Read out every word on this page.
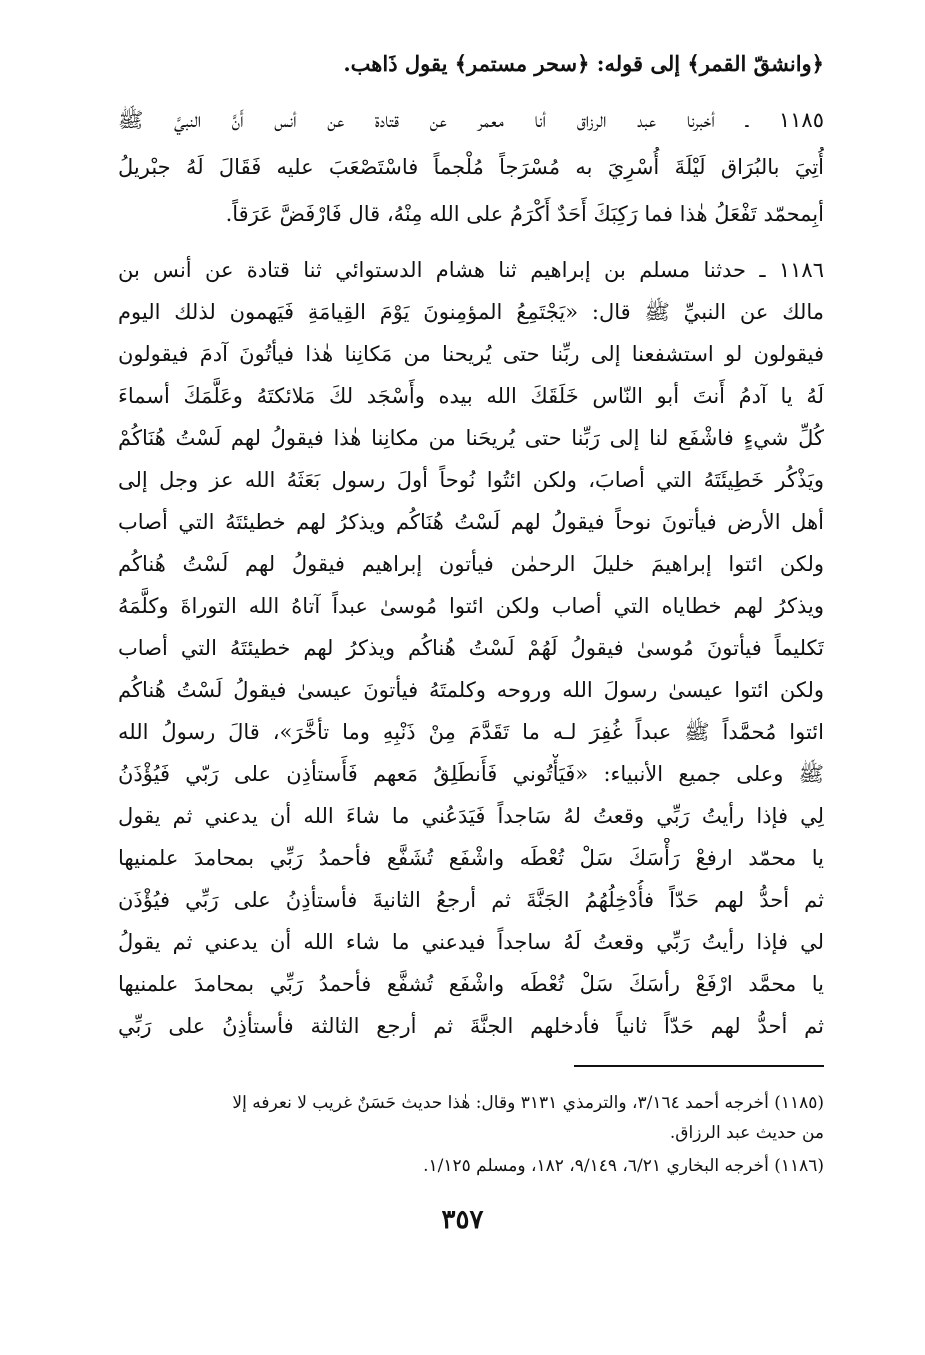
﴿وانشقّ القمر﴾ إلى قوله: ﴿سحر مستمر﴾ يقول ذَاهب.
١١٨٥ ـ أخبرنا عبد الرزاق أنا معمر عن قتادة عن أنس أَنَّ النبيَّ ﷺ
أُتِيَ بالبُرَاق لَيْلَةَ أُسْرِيَ به مُسْرَجاً مُلْجماً فاسْتَصْعَبَ عليه فَقَالَ لَهُ جبْريلُ
أبِمحمّد تَفْعَلُ هٰذا فما رَكِبَكَ أَحَدٌ أَكْرَمُ على الله مِنْهُ، قال فَارْفَضَّ عَرَقاً.
١١٨٦ ـ حدثنا مسلم بن إبراهيم ثنا هشام الدستوائي ثنا قتادة عن أنس بن
مالك عن النبيِّ ﷺ قال: «يَجْتَمِعُ المؤمِنونَ يَوْمَ القِيامَةِ فَيَهمون لذلك اليوم
فيقولون لو استشفعنا إلى ربِّنا حتى يُريحنا من مَكانِنا هٰذا فيأتُونَ آدمَ فيقولون
لَهُ يا آدمُ أَنتَ أبو النّاس خَلَقَكَ الله بيده وأَسْجَد لكَ مَلائكتَهُ وعَلَّمَكَ أسماءَ
كُلِّ شيءٍ فاشْفَع لنا إلى رَبِّنا حتى يُريحَنا من مكانِنا هٰذا فيقولُ لهم لَسْتُ هُنَاكُمْ
ويَذْكُر خَطِيئَتَهُ التي أصابَ، ولكن ائتُوا نُوحاً أولَ رسول بَعَثَهُ الله عز وجل إلى
أهل الأرض فيأتونَ نوحاً فيقولُ لهم لَسْتُ هُنَاكُم ويذكرُ لهم خطيئتَهُ التي أصاب
ولكن ائتوا إبراهيمَ خليلَ الرحمٰن فيأتون إبراهيم فيقولُ لهم لَسْتُ هُناكُم
ويذكرُ لهم خطاياه التي أصاب ولكن ائتوا مُوسىٰ عبداً آتاهُ الله التوراةَ وكلَّمَهُ
تَكليماً فيأتونَ مُوسىٰ فيقولُ لَهُمْ لَسْتُ هُناكُم ويذكرُ لهم خطيئتَهُ التي أصاب
ولكن ائتوا عيسىٰ رسولَ الله وروحه وكلمتَهُ فيأتونَ عيسىٰ فيقولُ لَسْتُ هُناكُم
ائتوا مُحمَّداً ﷺ عبداً غُفِرَ لـه ما تَقَدَّمَ مِنْ ذَنْبِهِ وما تأخَّرَ»، قالَ رسولُ الله
ﷺ وعلى جميع الأنبياء: «فَيَأْتُوني فَأَنطَلِقُ مَعهم فَأَستأذِن على رَبّي فَيُؤْذَنُ
لِي فإذا رأيتُ رَبِّي وقعتُ لهُ سَاجداً فَيَدَعُني ما شاءَ الله أن يدعني ثم يقول
يا محمّد ارفعْ رَأْسَكَ سَلْ تُعْطَه واشْفَع تُشَفَّع فأحمدُ رَبِّي بمحامدَ علمنيها
ثم أحدُّ لهم حَدّاً فأُدْخِلُهُمُ الجَنَّةَ ثم أرجعُ الثانيةَ فأستأذِنُ على رَبِّي فيُؤْذَن
لي فإذا رأيتُ رَبِّي وقعتُ لَهُ ساجداً فيدعني ما شاء الله أن يدعني ثم يقولُ
يا محمَّد ارْفَعْ رأسَكَ سَلْ تُعْطَه واشْفَع تُشفَّع فأحمدُ رَبِّي بمحامدَ علمنيها
ثم أحدُّ لهم حَدّاً ثانياً فأدخلهم الجنَّةَ ثم أرجع الثالثة فأستأذِنُ على رَبِّي
(١١٨٥) أخرجه أحمد ٣/١٦٤، والترمذي ٣١٣١ وقال: هٰذا حديث حَسَنٌ غريب لا نعرفه إلا
من حديث عبد الرزاق.
(١١٨٦) أخرجه البخاري ٦/٢١، ٩/١٤٩، ١٨٢، ومسلم ١/١٢٥.
٣٥٧
